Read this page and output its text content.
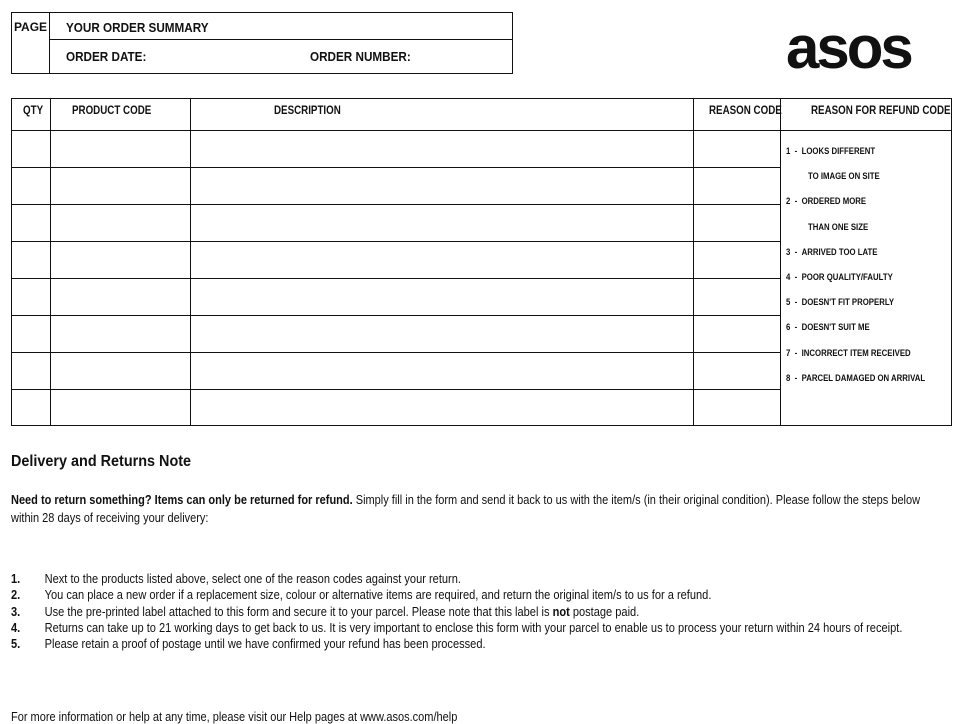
PAGE YOUR ORDER SUMMARY
ORDER DATE:	ORDER NUMBER:	asos
QTY	PRODUCT CODE	DESCRIPTION	REASON CODE	REASON FOR REFUND CODE
1  -  LOOKS DIFFERENT
TO IMAGE ON SITE
2  -  ORDERED MORE
THAN ONE SIZE
3  -  ARRIVED TOO LATE
4  -  POOR QUALITY/FAULTY
5  -  DOESN'T FIT PROPERLY
6  -  DOESN'T SUIT ME
7  -  INCORRECT ITEM RECEIVED
8  -  PARCEL DAMAGED ON ARRIVAL
Delivery and Returns Note
Need to return something? Items can only be returned for refund. Simply fill in the form and send it back to us with the item/s (in their original condition). Please follow the steps below within 28 days of receiving your delivery:
1. Next to the products listed above, select one of the reason codes against your return.
2. You can place a new order if a replacement size, colour or alternative items are required, and return the original item/s to us for a refund.
3. Use the pre-printed label attached to this form and secure it to your parcel. Please note that this label is not postage paid.
4. Returns can take up to 21 working days to get back to us. It is very important to enclose this form with your parcel to enable us to process your return within 24 hours of receipt.
5. Please retain a proof of postage until we have confirmed your refund has been processed.
For more information or help at any time, please visit our Help pages at www.asos.com/help
